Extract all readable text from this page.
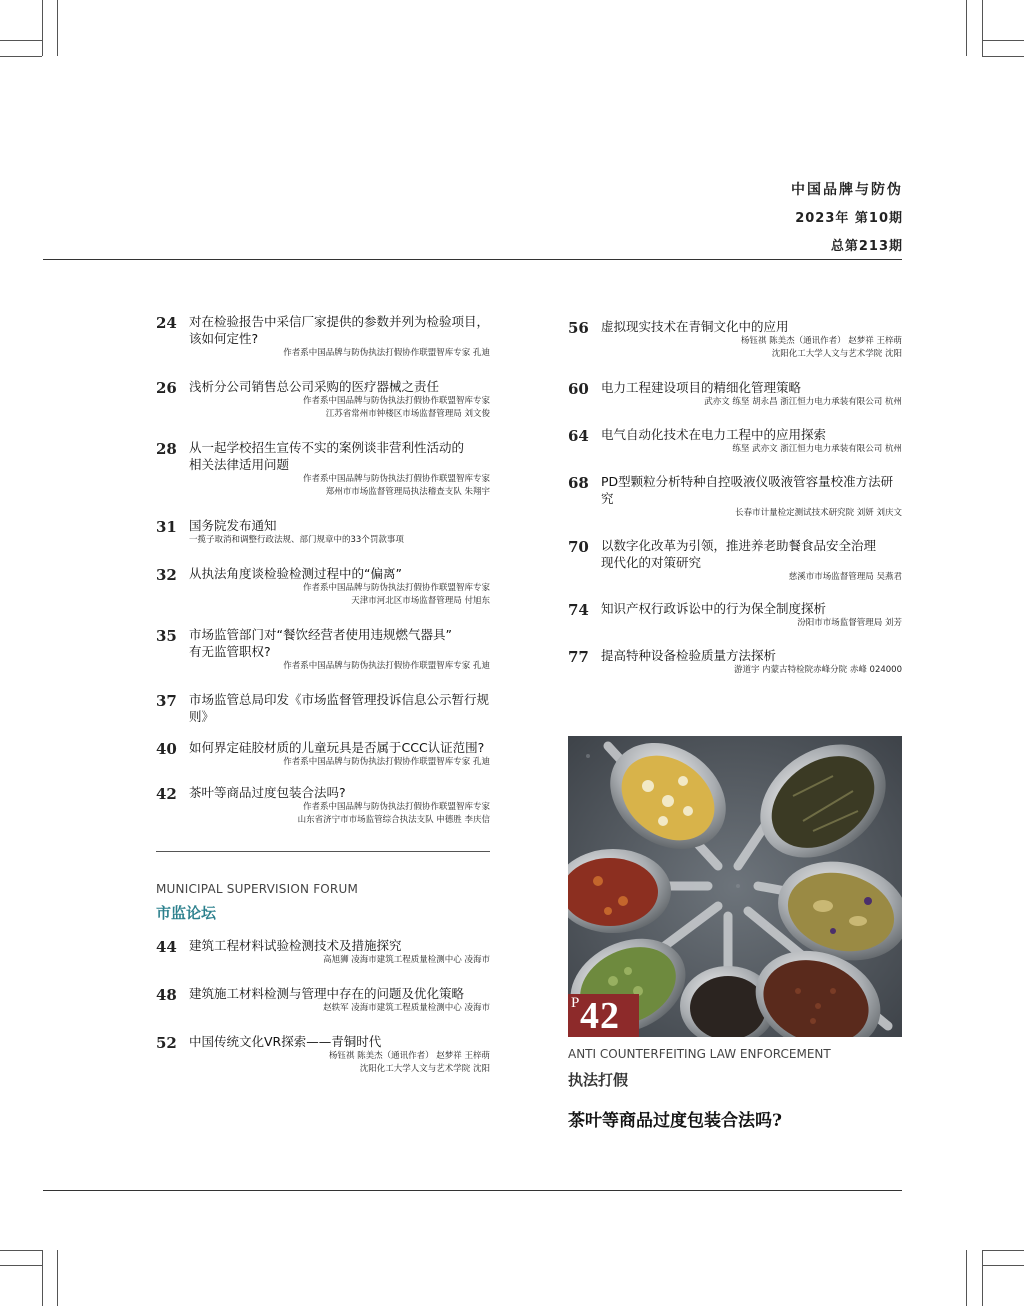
中国品牌与防伪
2023年 第10期
总第213期
24 对在检验报告中采信厂家提供的参数并列为检验项目，
该如何定性?
作者系中国品牌与防伪执法打假协作联盟智库专家 孔迪
26 浅析分公司销售总公司采购的医疗器械之责任
作者系中国品牌与防伪执法打假协作联盟智库专家
江苏省常州市钟楼区市场监督管理局 刘文俊
28 从一起学校招生宣传不实的案例谈非营利性活动的
相关法律适用问题
作者系中国品牌与防伪执法打假协作联盟智库专家
郑州市市场监督管理局执法稽查支队 朱翔宇
31 国务院发布通知
一揽子取消和调整行政法规、部门规章中的33个罚款事项
32 从执法角度谈检验检测过程中的“偏离”
作者系中国品牌与防伪执法打假协作联盟智库专家
天津市河北区市场监督管理局 付旭东
35 市场监管部门对“餐饮经营者使用违规燃气器具”
有无监管职权?
作者系中国品牌与防伪执法打假协作联盟智库专家 孔迪
37 市场监管总局印发《市场监督管理投诉信息公示暂行规则》
40 如何界定硅胶材质的儿童玩具是否属于CCC认证范围?
作者系中国品牌与防伪执法打假协作联盟智库专家 孔迪
42 茶叶等商品过度包装合法吗?
作者系中国品牌与防伪执法打假协作联盟智库专家
山东省济宁市市场监管综合执法支队 申德胜 李庆信
MUNICIPAL SUPERVISION FORUM
市监论坛
44 建筑工程材料试验检测技术及措施探究
高旭狮 凌海市建筑工程质量检测中心 凌海市
48 建筑施工材料检测与管理中存在的问题及优化策略
赵轶军 凌海市建筑工程质量检测中心 凌海市
52 中国传统文化VR探索——青铜时代
杨钰祺 陈美杰（通讯作者） 赵梦祥 王梓萌
沈阳化工大学人文与艺术学院 沈阳
56 虚拟现实技术在青铜文化中的应用
杨钰祺 陈美杰（通讯作者） 赵梦祥 王梓萌
沈阳化工大学人文与艺术学院 沈阳
60 电力工程建设项目的精细化管理策略
武亦文 练坚 胡永昌 浙江恒力电力承装有限公司 杭州
64 电气自动化技术在电力工程中的应用探索
练坚 武亦文 浙江恒力电力承装有限公司 杭州
68 PD型颗粒分析特种自控吸液仪吸液管容量校准方法研究
长春市计量检定测试技术研究院 刘妍 刘庆文
70 以数字化改革为引领，推进养老助餐食品安全治理
现代化的对策研究
慈溪市市场监督管理局 吴燕君
74 知识产权行政诉讼中的行为保全制度探析
汾阳市市场监督管理局 刘芳
77 提高特种设备检验质量方法探析
游道宇 内蒙古特检院赤峰分院 赤峰 024000
P 42
ANTI COUNTERFEITING LAW ENFORCEMENT
执法打假
茶叶等商品过度包装合法吗?
